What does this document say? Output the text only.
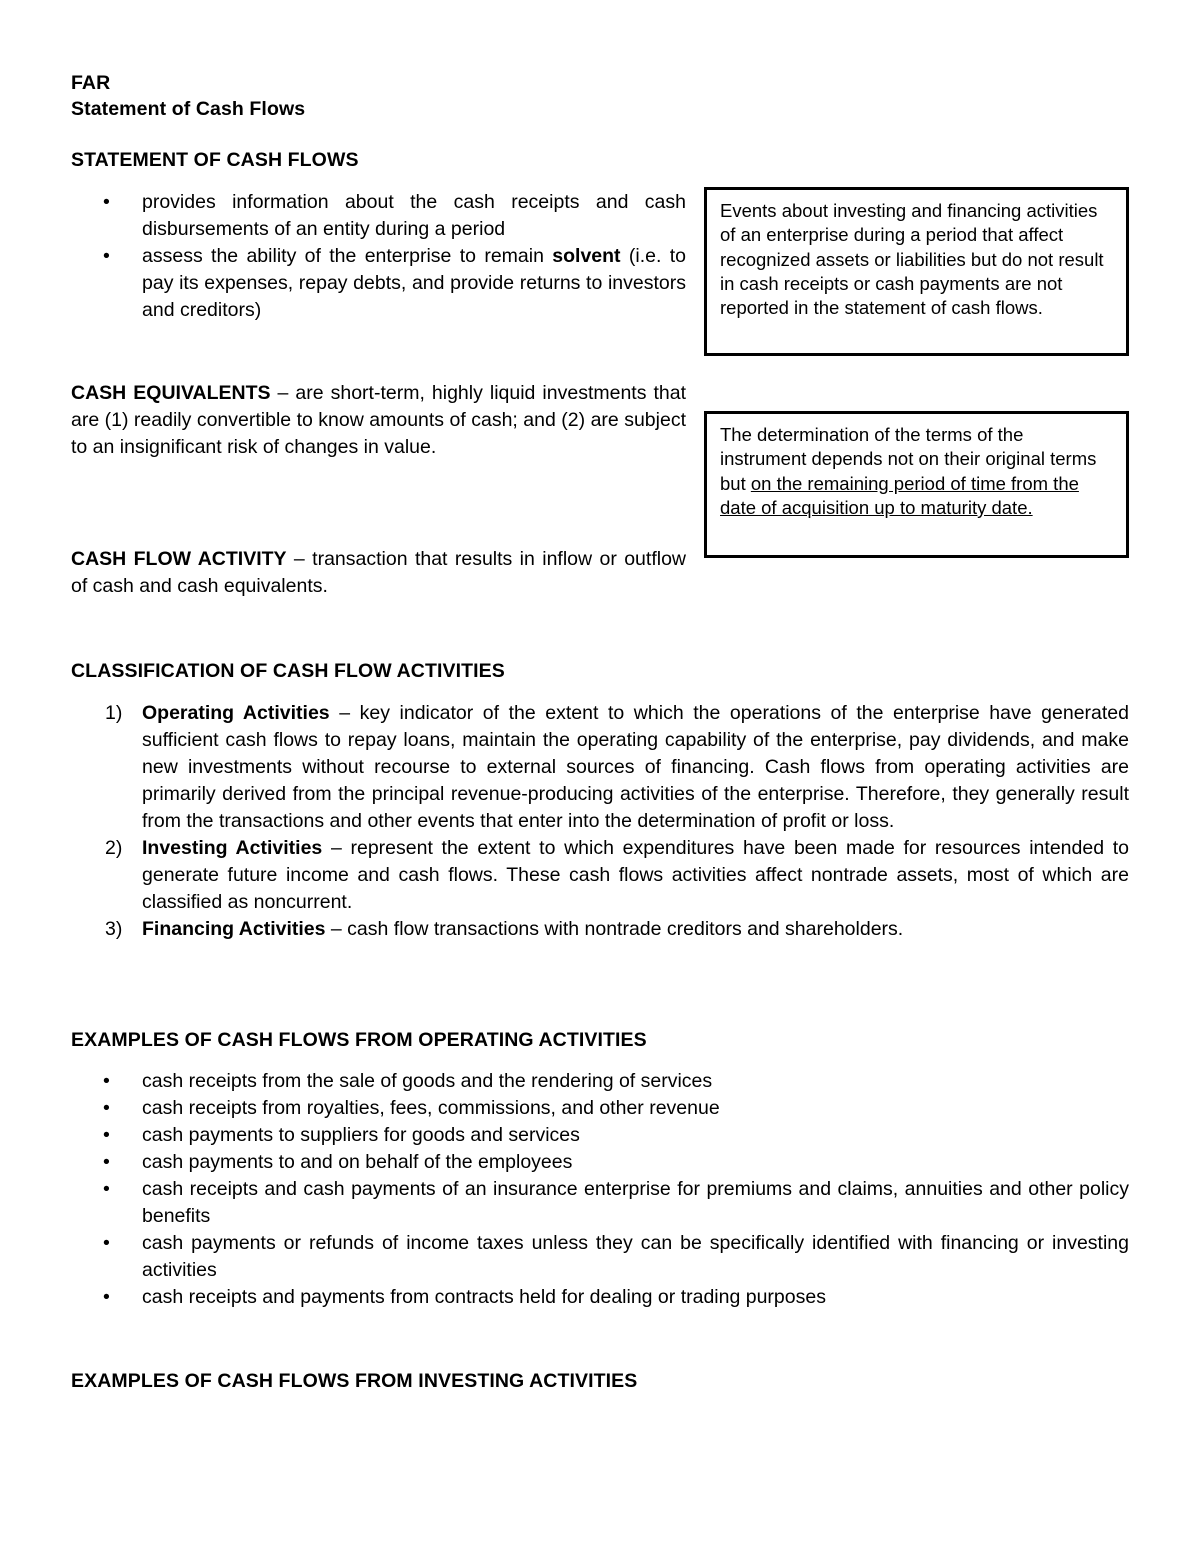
FAR
Statement of Cash Flows
STATEMENT OF CASH FLOWS
• provides information about the cash receipts and cash disbursements of an entity during a period
• assess the ability of the enterprise to remain solvent (i.e. to pay its expenses, repay debts, and provide returns to investors and creditors)
CASH EQUIVALENTS – are short-term, highly liquid investments that are (1) readily convertible to know amounts of cash; and (2) are subject to an insignificant risk of changes in value.
CASH FLOW ACTIVITY – transaction that results in inflow or outflow of cash and cash equivalents.
Events about investing and financing activities of an enterprise during a period that affect recognized assets or liabilities but do not result in cash receipts or cash payments are not reported in the statement of cash flows.
The determination of the terms of the instrument depends not on their original terms but on the remaining period of time from the date of acquisition up to maturity date.
CLASSIFICATION OF CASH FLOW ACTIVITIES
1) Operating Activities – key indicator of the extent to which the operations of the enterprise have generated sufficient cash flows to repay loans, maintain the operating capability of the enterprise, pay dividends, and make new investments without recourse to external sources of financing. Cash flows from operating activities are primarily derived from the principal revenue-producing activities of the enterprise. Therefore, they generally result from the transactions and other events that enter into the determination of profit or loss.
2) Investing Activities – represent the extent to which expenditures have been made for resources intended to generate future income and cash flows. These cash flows activities affect nontrade assets, most of which are classified as noncurrent.
3) Financing Activities – cash flow transactions with nontrade creditors and shareholders.
EXAMPLES OF CASH FLOWS FROM OPERATING ACTIVITIES
• cash receipts from the sale of goods and the rendering of services
• cash receipts from royalties, fees, commissions, and other revenue
• cash payments to suppliers for goods and services
• cash payments to and on behalf of the employees
• cash receipts and cash payments of an insurance enterprise for premiums and claims, annuities and other policy benefits
• cash payments or refunds of income taxes unless they can be specifically identified with financing or investing activities
• cash receipts and payments from contracts held for dealing or trading purposes
EXAMPLES OF CASH FLOWS FROM INVESTING ACTIVITIES
